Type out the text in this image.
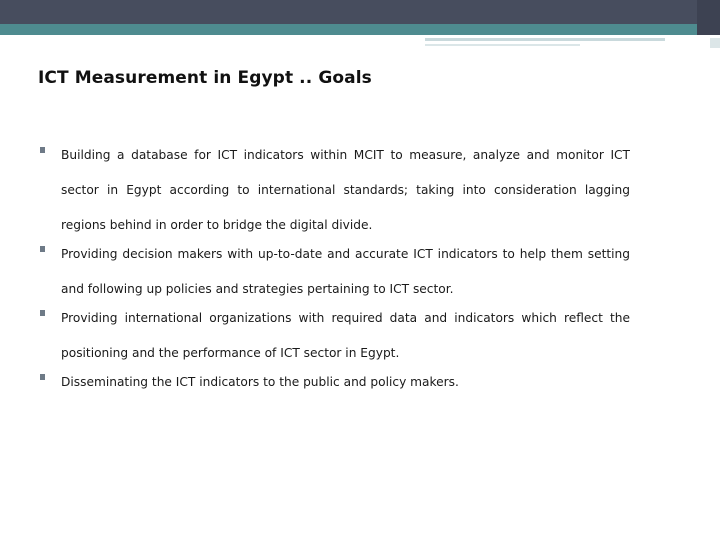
ICT Measurement in Egypt .. Goals
Building a database for ICT indicators within MCIT to measure, analyze and monitor ICT sector in Egypt according to international standards; taking into consideration lagging regions behind in order to bridge the digital divide.
Providing decision makers with up-to-date and accurate ICT indicators to help them setting and following up policies and strategies pertaining to ICT sector.
Providing international organizations with required data and indicators which reflect the positioning and the performance of ICT sector in Egypt.
Disseminating the ICT indicators to the public and policy makers.
